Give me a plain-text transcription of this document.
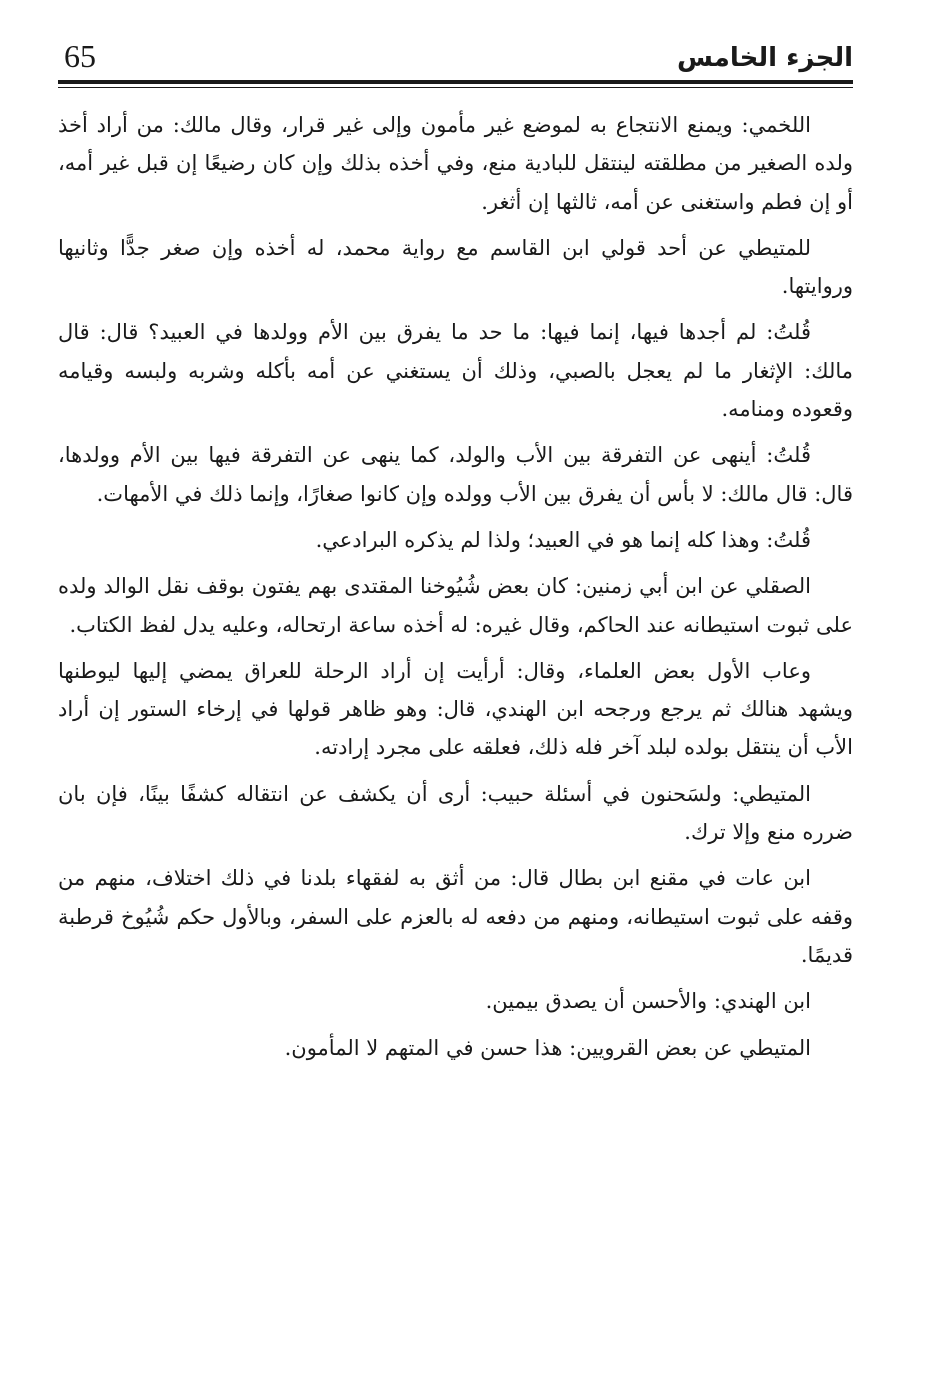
65	الجزء الخامس

اللخمي: ويمنع الانتجاع به لموضع غير مأمون وإلى غير قرار، وقال مالك: من أراد أخذ ولده الصغير من مطلقته لينتقل للبادية منع، وفي أخذه بذلك وإن كان رضيعًا إن قبل غير أمه، أو إن فطم واستغنى عن أمه، ثالثها إن أثغر.

للمتيطي عن أحد قولي ابن القاسم مع رواية محمد، له أخذه وإن صغر جدًّا وثانيها وروايتها.

قُلتُ: لم أجدها فيها، إنما فيها: ما حد ما يفرق بين الأم وولدها في العبيد؟ قال: قال مالك: الإثغار ما لم يعجل بالصبي، وذلك أن يستغني عن أمه بأكله وشربه ولبسه وقيامه وقعوده ومنامه.

قُلتُ: أينهى عن التفرقة بين الأب والولد، كما ينهى عن التفرقة فيها بين الأم وولدها، قال: قال مالك: لا بأس أن يفرق بين الأب وولده وإن كانوا صغارًا، وإنما ذلك في الأمهات.

قُلتُ: وهذا كله إنما هو في العبيد؛ ولذا لم يذكره البرادعي.

الصقلي عن ابن أبي زمنين: كان بعض شُيُوخنا المقتدى بهم يفتون بوقف نقل الوالد ولده على ثبوت استيطانه عند الحاكم، وقال غيره: له أخذه ساعة ارتحاله، وعليه يدل لفظ الكتاب.

وعاب الأول بعض العلماء، وقال: أرأيت إن أراد الرحلة للعراق يمضي إليها ليوطنها ويشهد هنالك ثم يرجع ورجحه ابن الهندي، قال: وهو ظاهر قولها في إرخاء الستور إن أراد الأب أن ينتقل بولده لبلد آخر فله ذلك، فعلقه على مجرد إرادته.

المتيطي: ولسَحنون في أسئلة حبيب: أرى أن يكشف عن انتقاله كشفًا بينًا، فإن بان ضرره منع وإلا ترك.

ابن عات في مقنع ابن بطال قال: من أثق به لفقهاء بلدنا في ذلك اختلاف، منهم من وقفه على ثبوت استيطانه، ومنهم من دفعه له بالعزم على السفر، وبالأول حكم شُيُوخ قرطبة قديمًا.

ابن الهندي: والأحسن أن يصدق بيمين.

المتيطي عن بعض القرويين: هذا حسن في المتهم لا المأمون.
